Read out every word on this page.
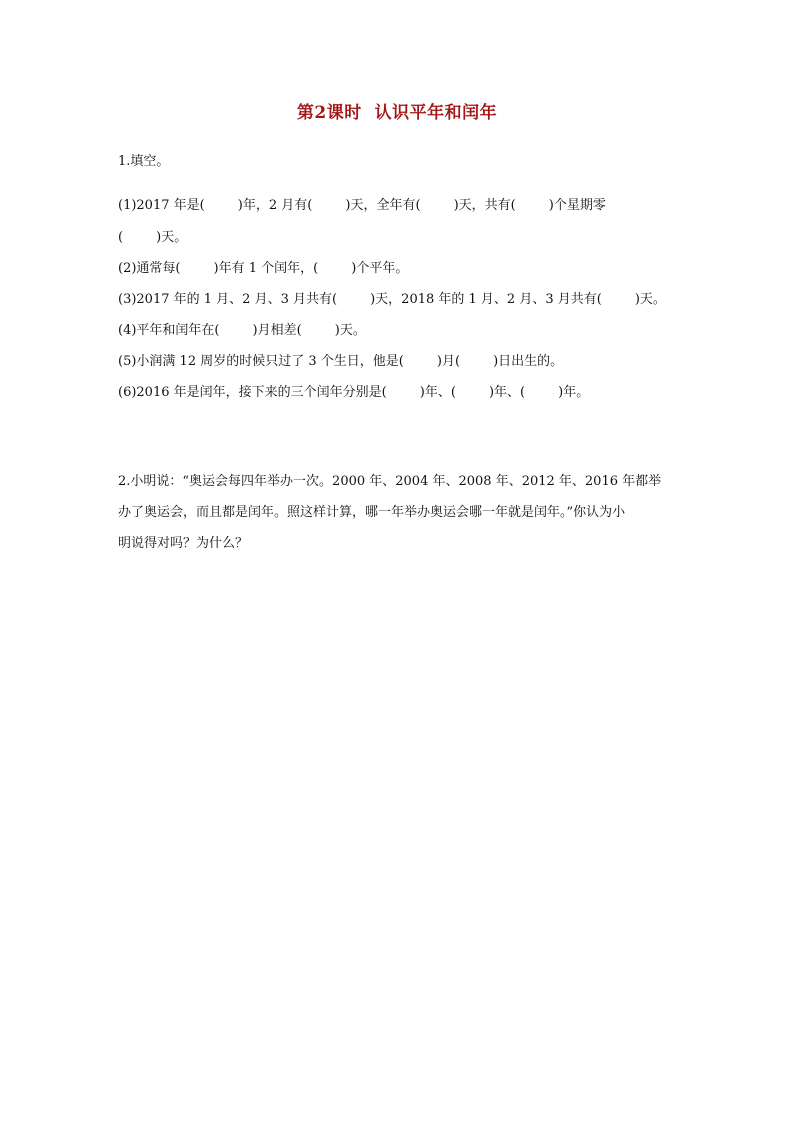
第2课时  认识平年和闰年
1.填空。
(1)2017 年是(        )年，2 月有(        )天，全年有(        )天，共有(        )个星期零
(        )天。
(2)通常每(        )年有 1 个闰年，(        )个平年。
(3)2017 年的 1 月、2 月、3 月共有(        )天，2018 年的 1 月、2 月、3 月共有(        )天。
(4)平年和闰年在(        )月相差(        )天。
(5)小润满 12 周岁的时候只过了 3 个生日，他是(        )月(        )日出生的。
(6)2016 年是闰年，接下来的三个闰年分别是(        )年、(        )年、(        )年。
2.小明说：“奥运会每四年举办一次。2000 年、2004 年、2008 年、2012 年、2016 年都举
办了奥运会，而且都是闰年。照这样计算，哪一年举办奥运会哪一年就是闰年。”你认为小
明说得对吗？为什么？
